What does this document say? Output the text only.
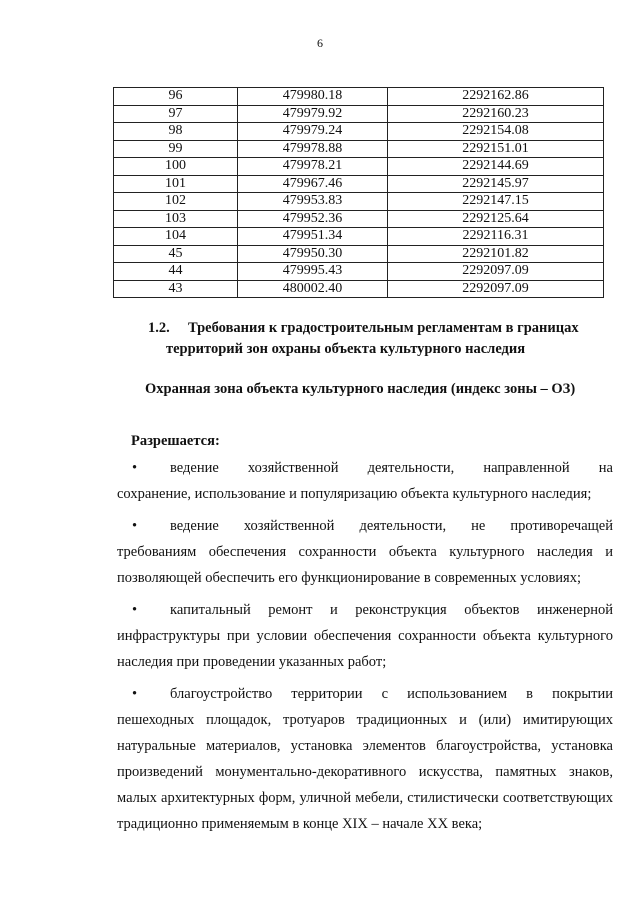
6
96	479980.18	2292162.86
97	479979.92	2292160.23
98	479979.24	2292154.08
99	479978.88	2292151.01
100	479978.21	2292144.69
101	479967.46	2292145.97
102	479953.83	2292147.15
103	479952.36	2292125.64
104	479951.34	2292116.31
45	479950.30	2292101.82
44	479995.43	2292097.09
43	480002.40	2292097.09
1.2. Требования к градостроительным регламентам в границах
территорий зон охраны объекта культурного наследия
Охранная зона объекта культурного наследия (индекс зоны – ОЗ)
Разрешается:
•	ведение хозяйственной деятельности, направленной на
сохранение, использование и популяризацию объекта культурного наследия;
•	ведение хозяйственной деятельности, не противоречащей
требованиям обеспечения сохранности объекта культурного наследия и позволяющей обеспечить его функционирование в современных условиях;
•	капитальный ремонт и реконструкция объектов инженерной
инфраструктуры при условии обеспечения сохранности объекта культурного наследия при проведении указанных работ;
•	благоустройство территории с использованием в покрытии
пешеходных площадок, тротуаров традиционных и (или) имитирующих натуральные материалов, установка элементов благоустройства, установка произведений монументально-декоративного искусства, памятных знаков, малых архитектурных форм, уличной мебели, стилистически соответствующих традиционно применяемым в конце XIX – начале XX века;
